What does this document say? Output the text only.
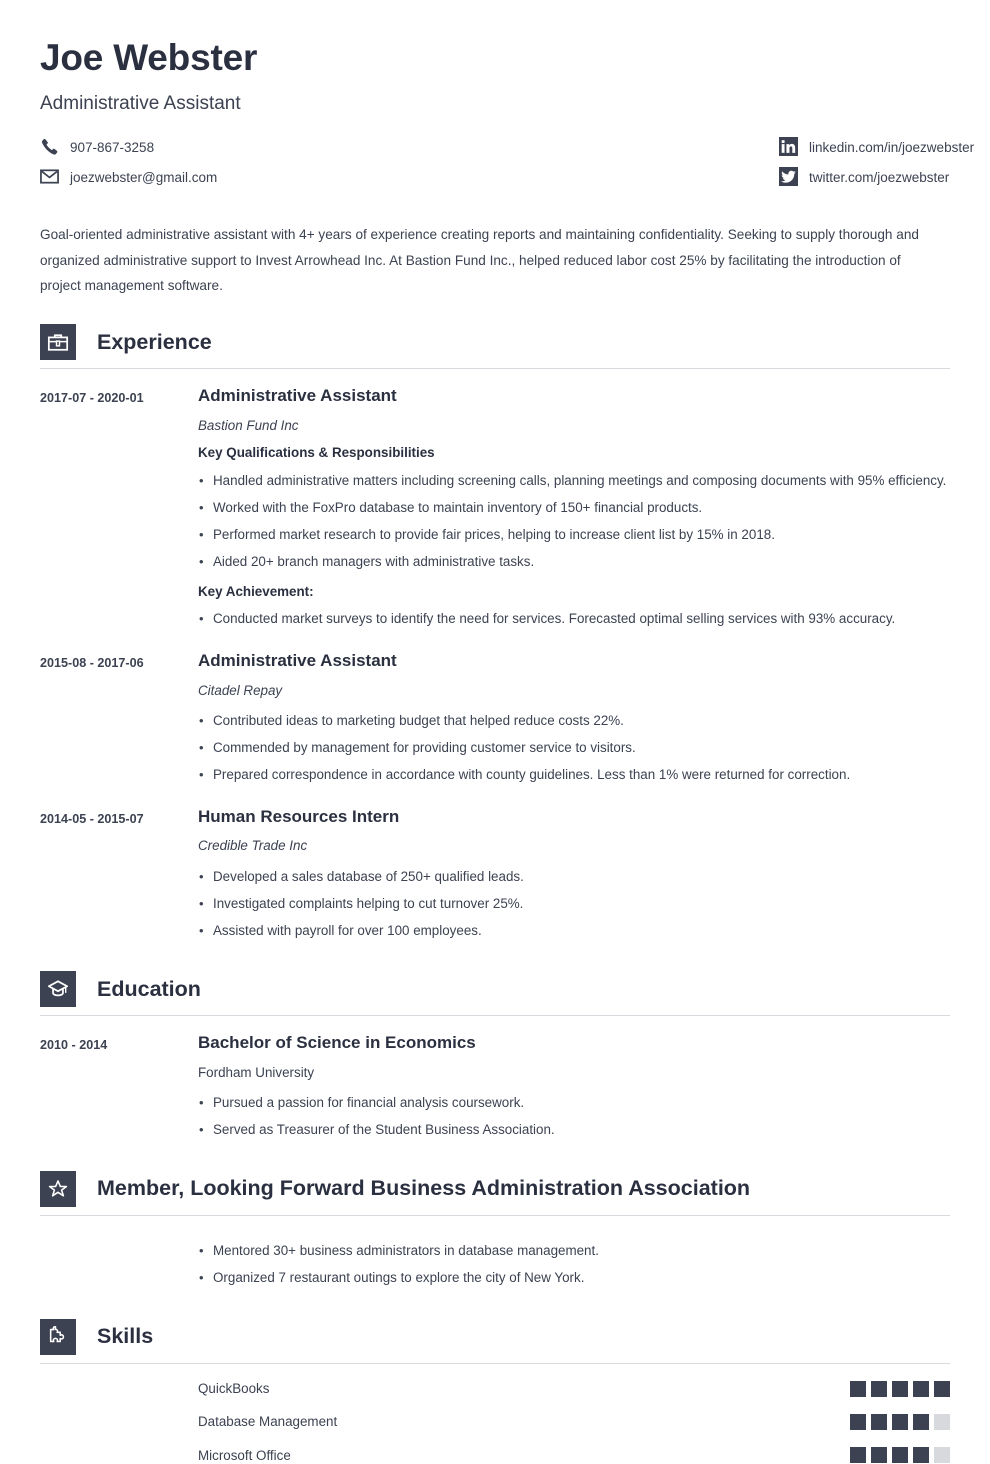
Joe Webster
Administrative Assistant
907-867-3258	linkedin.com/in/joezwebster
joezwebster@gmail.com	twitter.com/joezwebster
Goal-oriented administrative assistant with 4+ years of experience creating reports and maintaining confidentiality. Seeking to supply thorough and organized administrative support to Invest Arrowhead Inc. At Bastion Fund Inc., helped reduced labor cost 25% by facilitating the introduction of project management software.
Experience
2017-07 - 2020-01	Administrative Assistant
Bastion Fund Inc
Key Qualifications & Responsibilities
• Handled administrative matters including screening calls, planning meetings and composing documents with 95% efficiency.
• Worked with the FoxPro database to maintain inventory of 150+ financial products.
• Performed market research to provide fair prices, helping to increase client list by 15% in 2018.
• Aided 20+ branch managers with administrative tasks.
Key Achievement:
• Conducted market surveys to identify the need for services. Forecasted optimal selling services with 93% accuracy.
2015-08 - 2017-06	Administrative Assistant
Citadel Repay
• Contributed ideas to marketing budget that helped reduce costs 22%.
• Commended by management for providing customer service to visitors.
• Prepared correspondence in accordance with county guidelines. Less than 1% were returned for correction.
2014-05 - 2015-07	Human Resources Intern
Credible Trade Inc
• Developed a sales database of 250+ qualified leads.
• Investigated complaints helping to cut turnover 25%.
• Assisted with payroll for over 100 employees.
Education
2010 - 2014	Bachelor of Science in Economics
Fordham University
• Pursued a passion for financial analysis coursework.
• Served as Treasurer of the Student Business Association.
Member, Looking Forward Business Administration Association
• Mentored 30+ business administrators in database management.
• Organized 7 restaurant outings to explore the city of New York.
Skills
QuickBooks
Database Management
Microsoft Office
